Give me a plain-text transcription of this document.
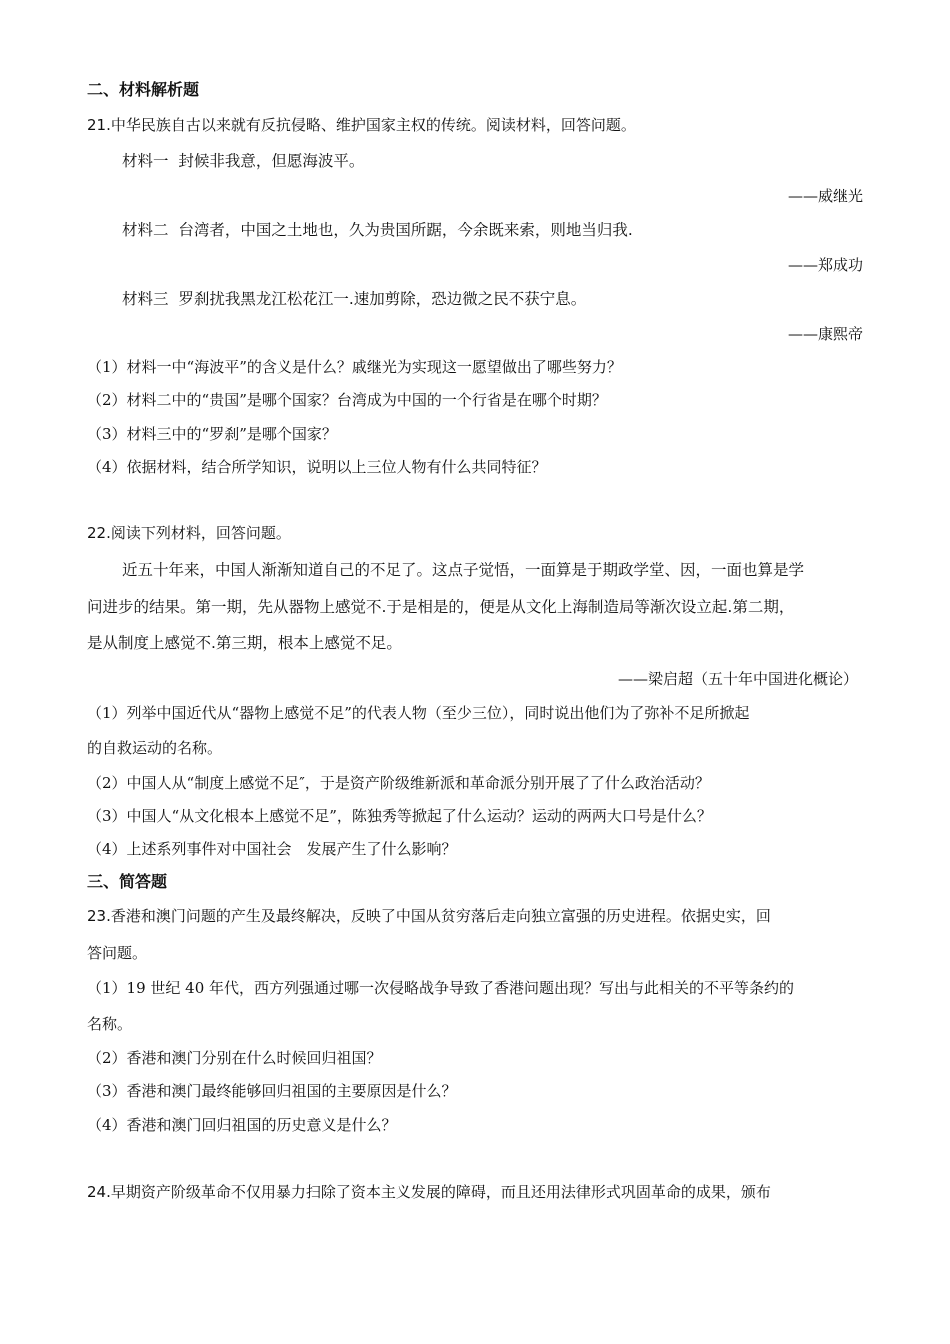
二、材料解析题
21.中华民族自古以来就有反抗侵略、维护国家主权的传统。阅读材料，回答问题。
材料一 封候非我意，但愿海波平。
——威继光
材料二 台湾者，中国之土地也，久为贵国所踞，今余既来索，则地当归我.
——郑成功
材料三 罗刹扰我黑龙江松花江一.速加剪除，恐边微之民不获宁息。
——康熙帝
（1）材料一中“海波平”的含义是什么？戚继光为实现这一愿望做出了哪些努力？
（2）材料二中的“贵国”是哪个国家？台湾成为中国的一个行省是在哪个时期？
（3）材料三中的“罗刹”是哪个国家？
（4）依据材料，结合所学知识，说明以上三位人物有什么共同特征？
22.阅读下列材料，回答问题。
近五十年来，中国人渐渐知道自己的不足了。这点子觉悟，一面算是于期政学堂、因，一面也算是学
问进步的结果。第一期，先从器物上感觉不.于是相是的，便是从文化上海制造局等渐次设立起.第二期，
是从制度上感觉不.第三期，根本上感觉不足。
——梁启超（五十年中国进化概论）
（1）列举中国近代从“器物上感觉不足”的代表人物（至少三位），同时说出他们为了弥补不足所掀起
的自救运动的名称。
（2）中国人从“制度上感觉不足″，于是资产阶级维新派和革命派分别开展了了什么政治活动？
（3）中国人“从文化根本上感觉不足”，陈独秀等掀起了什么运动？运动的两两大口号是什么？
（4）上述系列事件对中国社会　发展产生了什么影响？
三、简答题
23.香港和澳门问题的产生及最终解决，反映了中国从贫穷落后走向独立富强的历史进程。依据史实，回
答问题。
（1）19 世纪 40 年代，西方列强通过哪一次侵略战争导致了香港问题出现？写出与此相关的不平等条约的
名称。
（2）香港和澳门分别在什么时候回归祖国？
（3）香港和澳门最终能够回归祖国的主要原因是什么？
（4）香港和澳门回归祖国的历史意义是什么？
24.早期资产阶级革命不仅用暴力扫除了资本主义发展的障碍，而且还用法律形式巩固革命的成果，颁布
